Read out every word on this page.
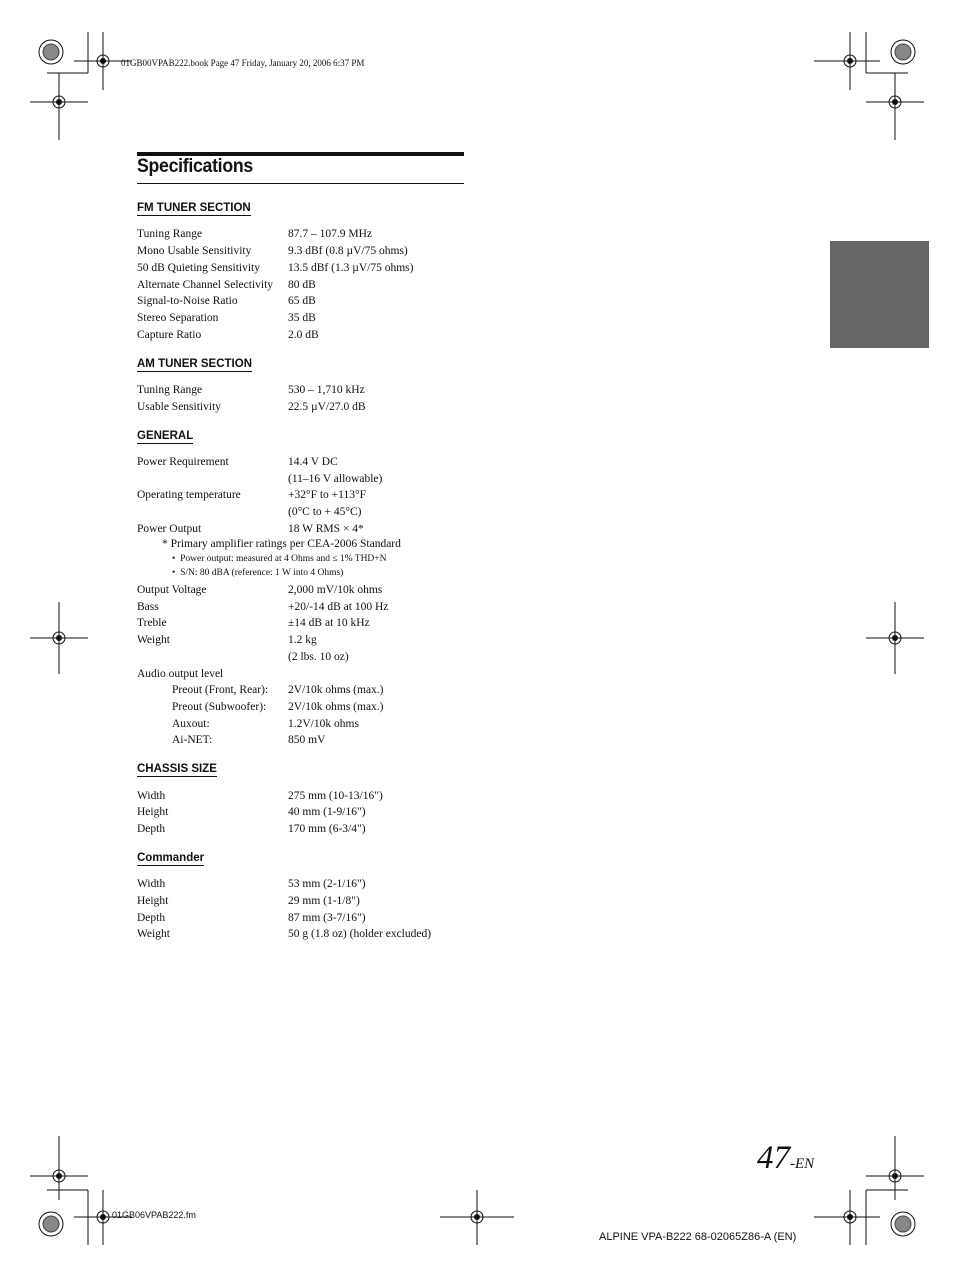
01GB00VPAB222.book Page 47 Friday, January 20, 2006 6:37 PM
Specifications
FM TUNER SECTION
Tuning Range	87.7 – 107.9 MHz
Mono Usable Sensitivity	9.3 dBf (0.8 µV/75 ohms)
50 dB Quieting Sensitivity 13.5 dBf (1.3 µV/75 ohms)
Alternate Channel Selectivity 80 dB
Signal-to-Noise Ratio	65 dB
Stereo Separation	35 dB
Capture Ratio	2.0 dB
AM TUNER SECTION
Tuning Range	530 – 1,710 kHz
Usable Sensitivity	22.5 µV/27.0 dB
GENERAL
Power Requirement	14.4 V DC
(11–16 V allowable)
Operating temperature	+32°F to +113°F
(0°C to + 45°C)
Power Output	18 W RMS × 4*
* Primary amplifier ratings per CEA-2006 Standard
•  Power output: measured at 4 Ohms and ≤ 1% THD+N
•  S/N: 80 dBA (reference: 1 W into 4 Ohms)
Output Voltage	2,000 mV/10k ohms
Bass	+20/-14 dB at 100 Hz
Treble	±14 dB at 10 kHz
Weight	1.2 kg
(2 lbs. 10 oz)
Audio output level
Preout (Front, Rear): 2V/10k ohms (max.)
Preout (Subwoofer): 2V/10k ohms (max.)
Auxout:	1.2V/10k ohms
Ai-NET:	850 mV
CHASSIS SIZE
Width	275 mm (10-13/16")
Height	40 mm (1-9/16")
Depth	170 mm (6-3/4")
Commander
Width	53 mm (2-1/16")
Height	29 mm (1-1/8")
Depth	87 mm (3-7/16")
Weight	50 g (1.8 oz) (holder excluded)
47-EN
01GB06VPAB222.fm
ALPINE VPA-B222 68-02065Z86-A (EN)
